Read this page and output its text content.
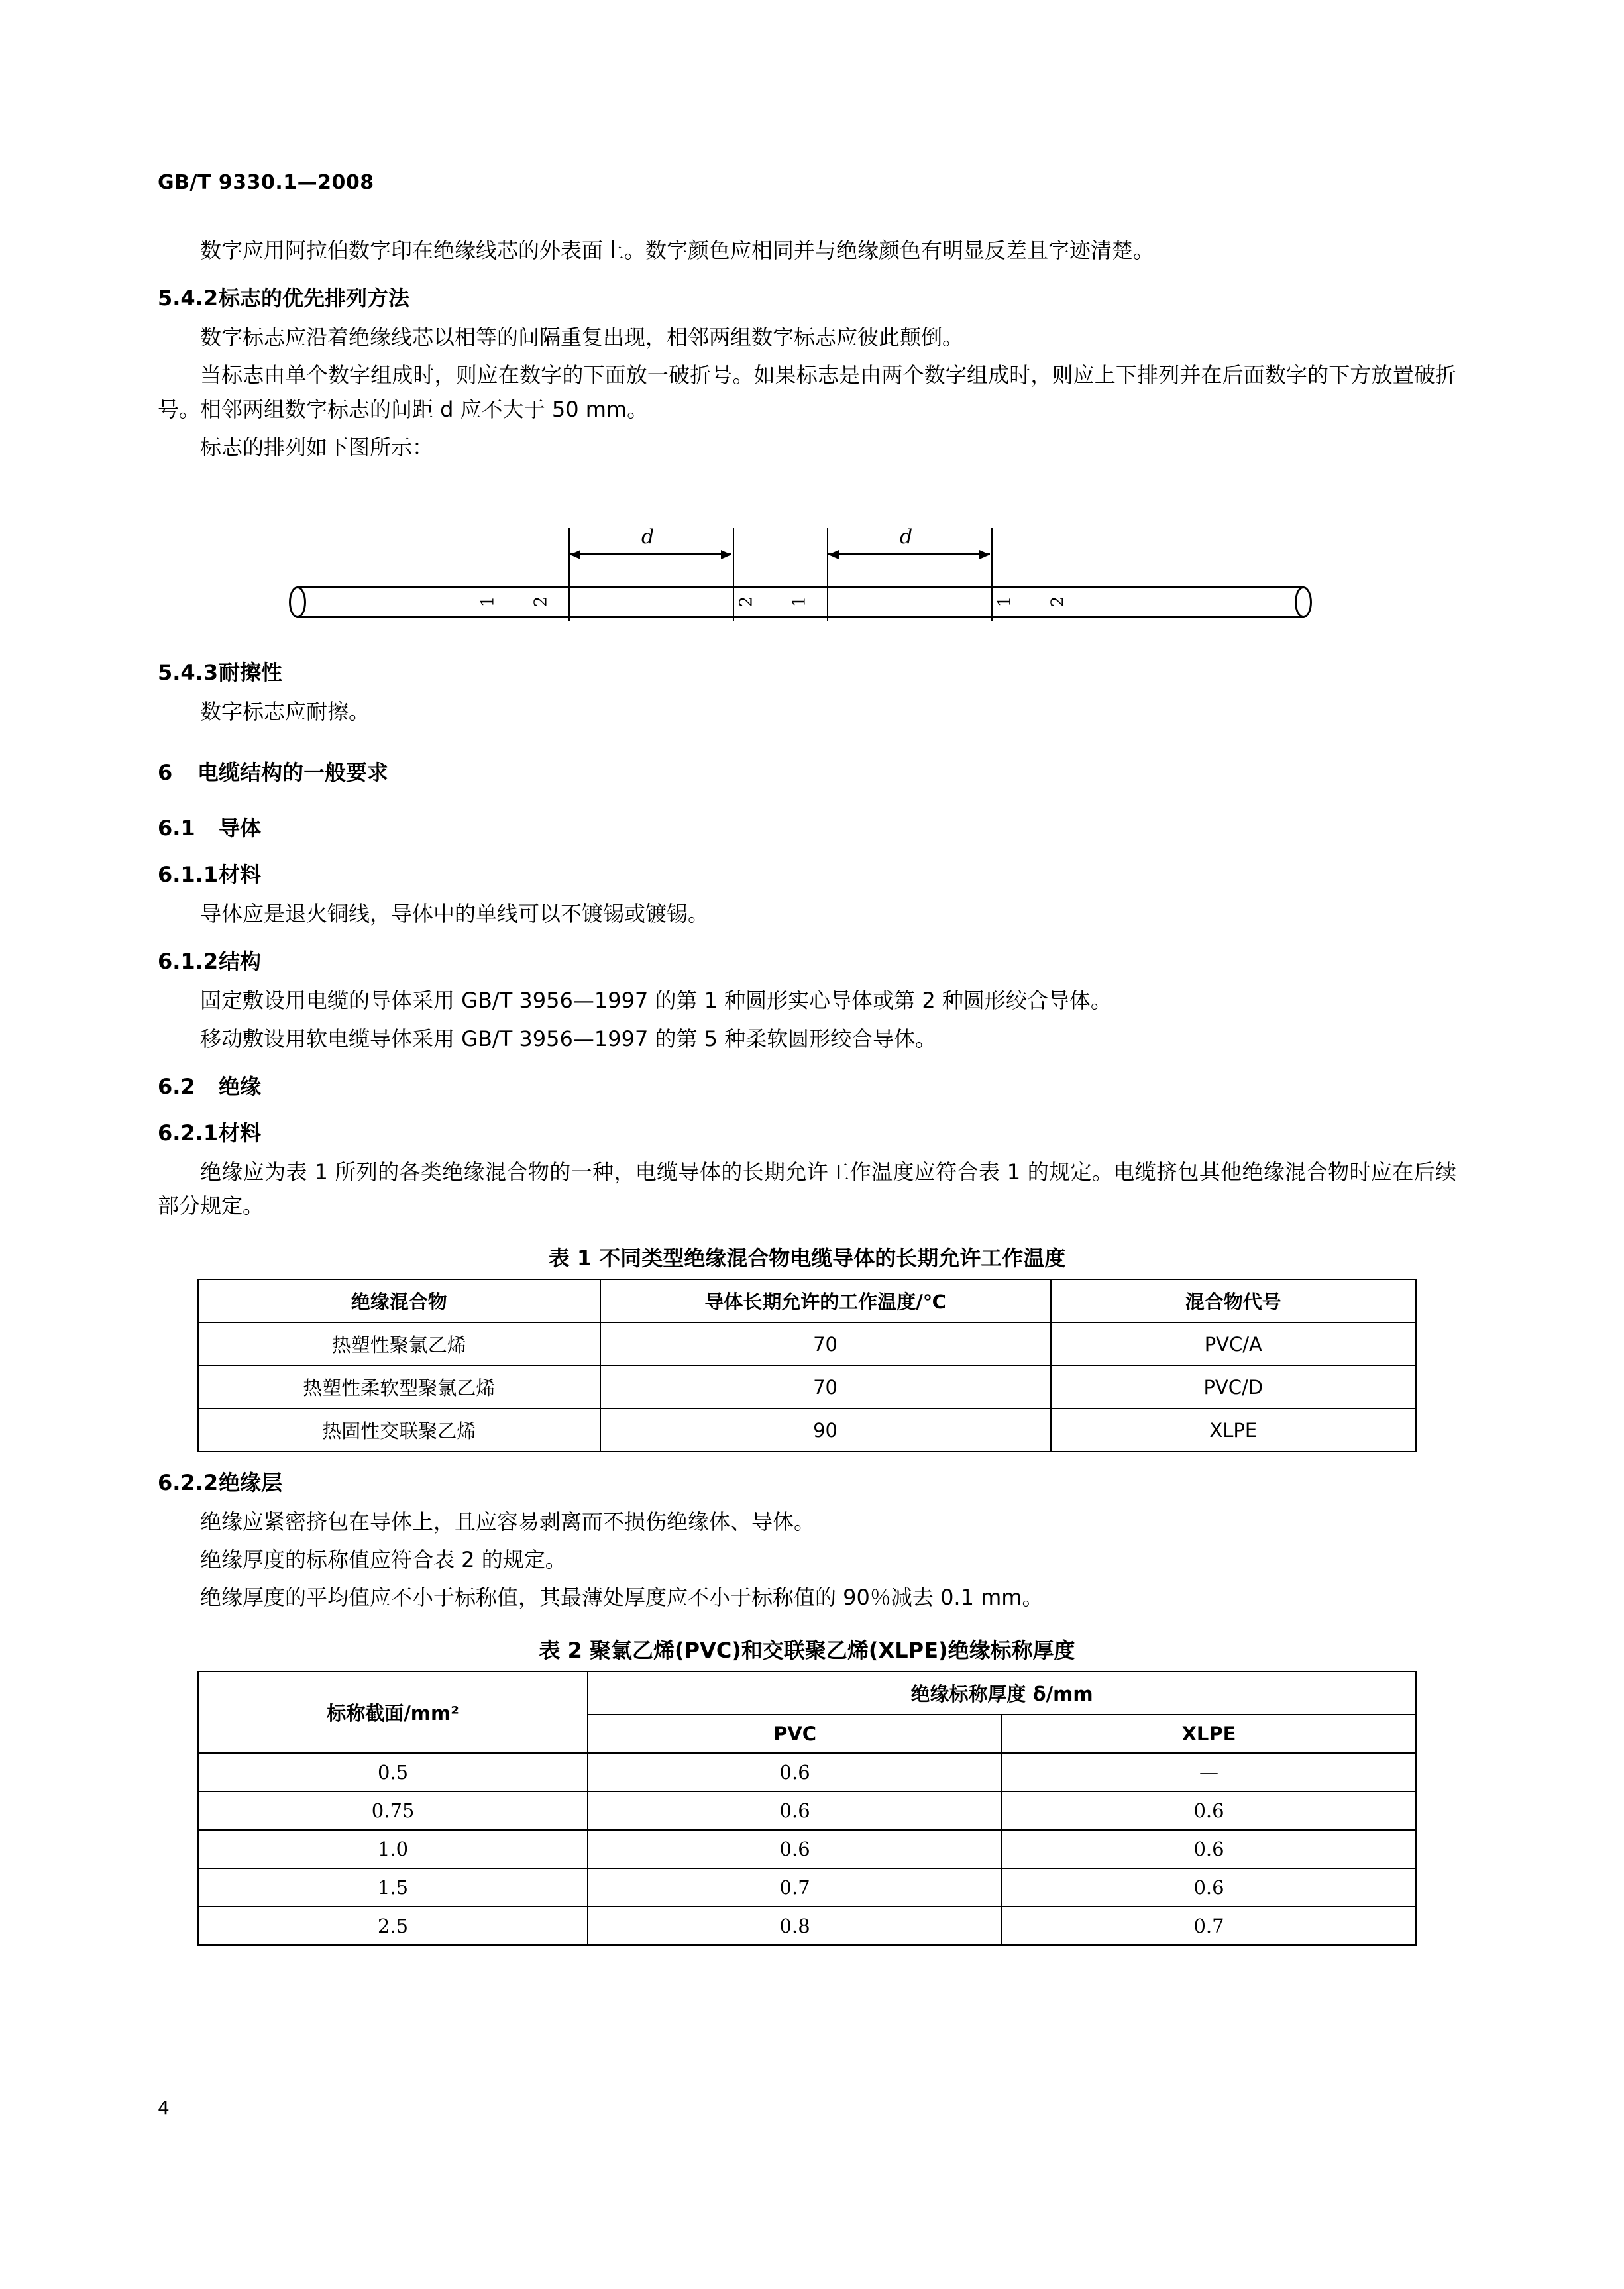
GB/T 9330.1—2008

数字应用阿拉伯数字印在绝缘线芯的外表面上。数字颜色应相同并与绝缘颜色有明显反差且字迹清楚。

5.4.2标志的优先排列方法

数字标志应沿着绝缘线芯以相等的间隔重复出现，相邻两组数字标志应彼此颠倒。

当标志由单个数字组成时，则应在数字的下面放一破折号。如果标志是由两个数字组成时，则应上下排列并在后面数字的下方放置破折号。相邻两组数字标志的间距 d 应不大于 50 mm。

标志的排列如下图所示：

d	d
1 2	2 1	1 2
5.4.3耐擦性

数字标志应耐擦。

6 电缆结构的一般要求
6.1 导体
6.1.1材料

导体应是退火铜线，导体中的单线可以不镀锡或镀锡。

6.1.2结构

固定敷设用电缆的导体采用 GB/T 3956—1997 的第 1 种圆形实心导体或第 2 种圆形绞合导体。

移动敷设用软电缆导体采用 GB/T 3956—1997 的第 5 种柔软圆形绞合导体。

6.2 绝缘
6.2.1材料

绝缘应为表 1 所列的各类绝缘混合物的一种，电缆导体的长期允许工作温度应符合表 1 的规定。电缆挤包其他绝缘混合物时应在后续部分规定。

表 1 不同类型绝缘混合物电缆导体的长期允许工作温度
绝缘混合物	导体长期允许的工作温度/℃	混合物代号
热塑性聚氯乙烯	70	PVC/A
热塑性柔软型聚氯乙烯	70	PVC/D
热固性交联聚乙烯	90	XLPE
6.2.2绝缘层

绝缘应紧密挤包在导体上，且应容易剥离而不损伤绝缘体、导体。

绝缘厚度的标称值应符合表 2 的规定。

绝缘厚度的平均值应不小于标称值，其最薄处厚度应不小于标称值的 90％减去 0.1 mm。

表 2 聚氯乙烯(PVC)和交联聚乙烯(XLPE)绝缘标称厚度
标称截面/mm²	绝缘标称厚度 δ/mm	
	PVC	XLPE
0.5	0.6	—
0.75	0.6	0.6
1.0	0.6	0.6
1.5	0.7	0.6
2.5	0.8	0.7
4
